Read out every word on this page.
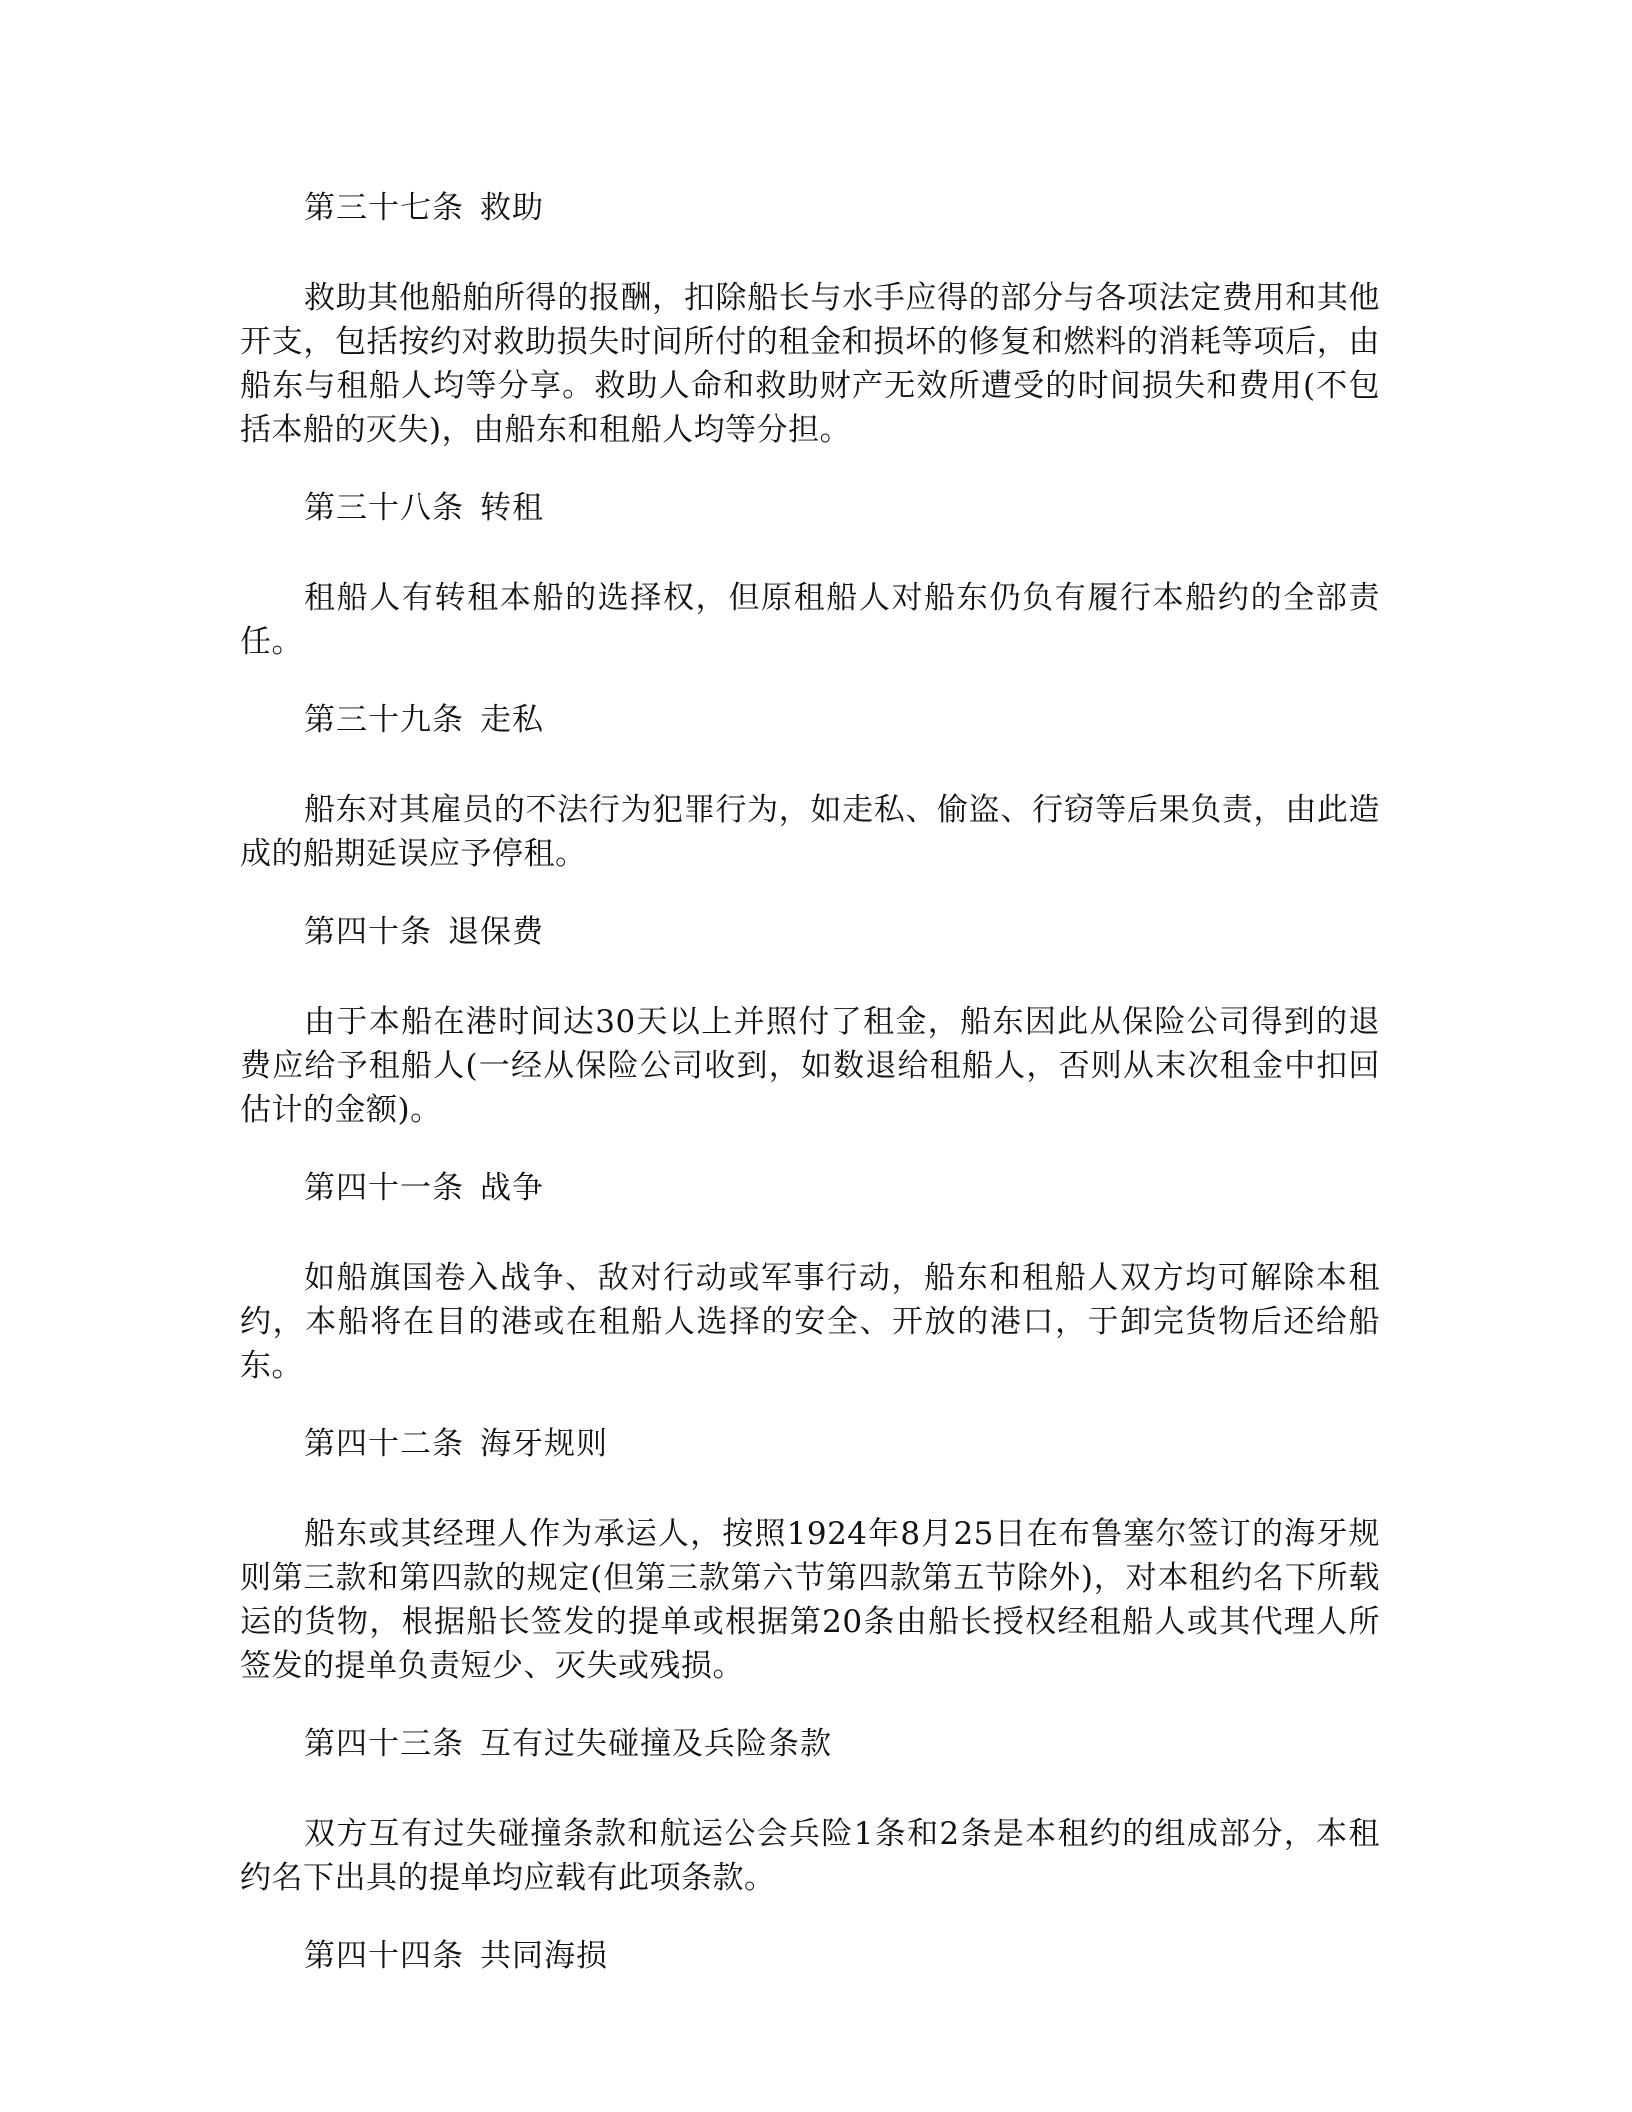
第三十七条 救助

救助其他船舶所得的报酬，扣除船长与水手应得的部分与各项法定费用和其他开支，包括按约对救助损失时间所付的租金和损坏的修复和燃料的消耗等项后，由船东与租船人均等分享。救助人命和救助财产无效所遭受的时间损失和费用(不包括本船的灭失)，由船东和租船人均等分担。

第三十八条 转租

租船人有转租本船的选择权，但原租船人对船东仍负有履行本船约的全部责任。

第三十九条 走私

船东对其雇员的不法行为犯罪行为，如走私、偷盗、行窃等后果负责，由此造成的船期延误应予停租。

第四十条 退保费

由于本船在港时间达30天以上并照付了租金，船东因此从保险公司得到的退费应给予租船人(一经从保险公司收到，如数退给租船人，否则从末次租金中扣回估计的金额)。

第四十一条 战争

如船旗国卷入战争、敌对行动或军事行动，船东和租船人双方均可解除本租约，本船将在目的港或在租船人选择的安全、开放的港口，于卸完货物后还给船东。

第四十二条 海牙规则

船东或其经理人作为承运人，按照1924年8月25日在布鲁塞尔签订的海牙规则第三款和第四款的规定(但第三款第六节第四款第五节除外)，对本租约名下所载运的货物，根据船长签发的提单或根据第20条由船长授权经租船人或其代理人所签发的提单负责短少、灭失或残损。

第四十三条 互有过失碰撞及兵险条款

双方互有过失碰撞条款和航运公会兵险1条和2条是本租约的组成部分，本租约名下出具的提单均应载有此项条款。

第四十四条 共同海损
